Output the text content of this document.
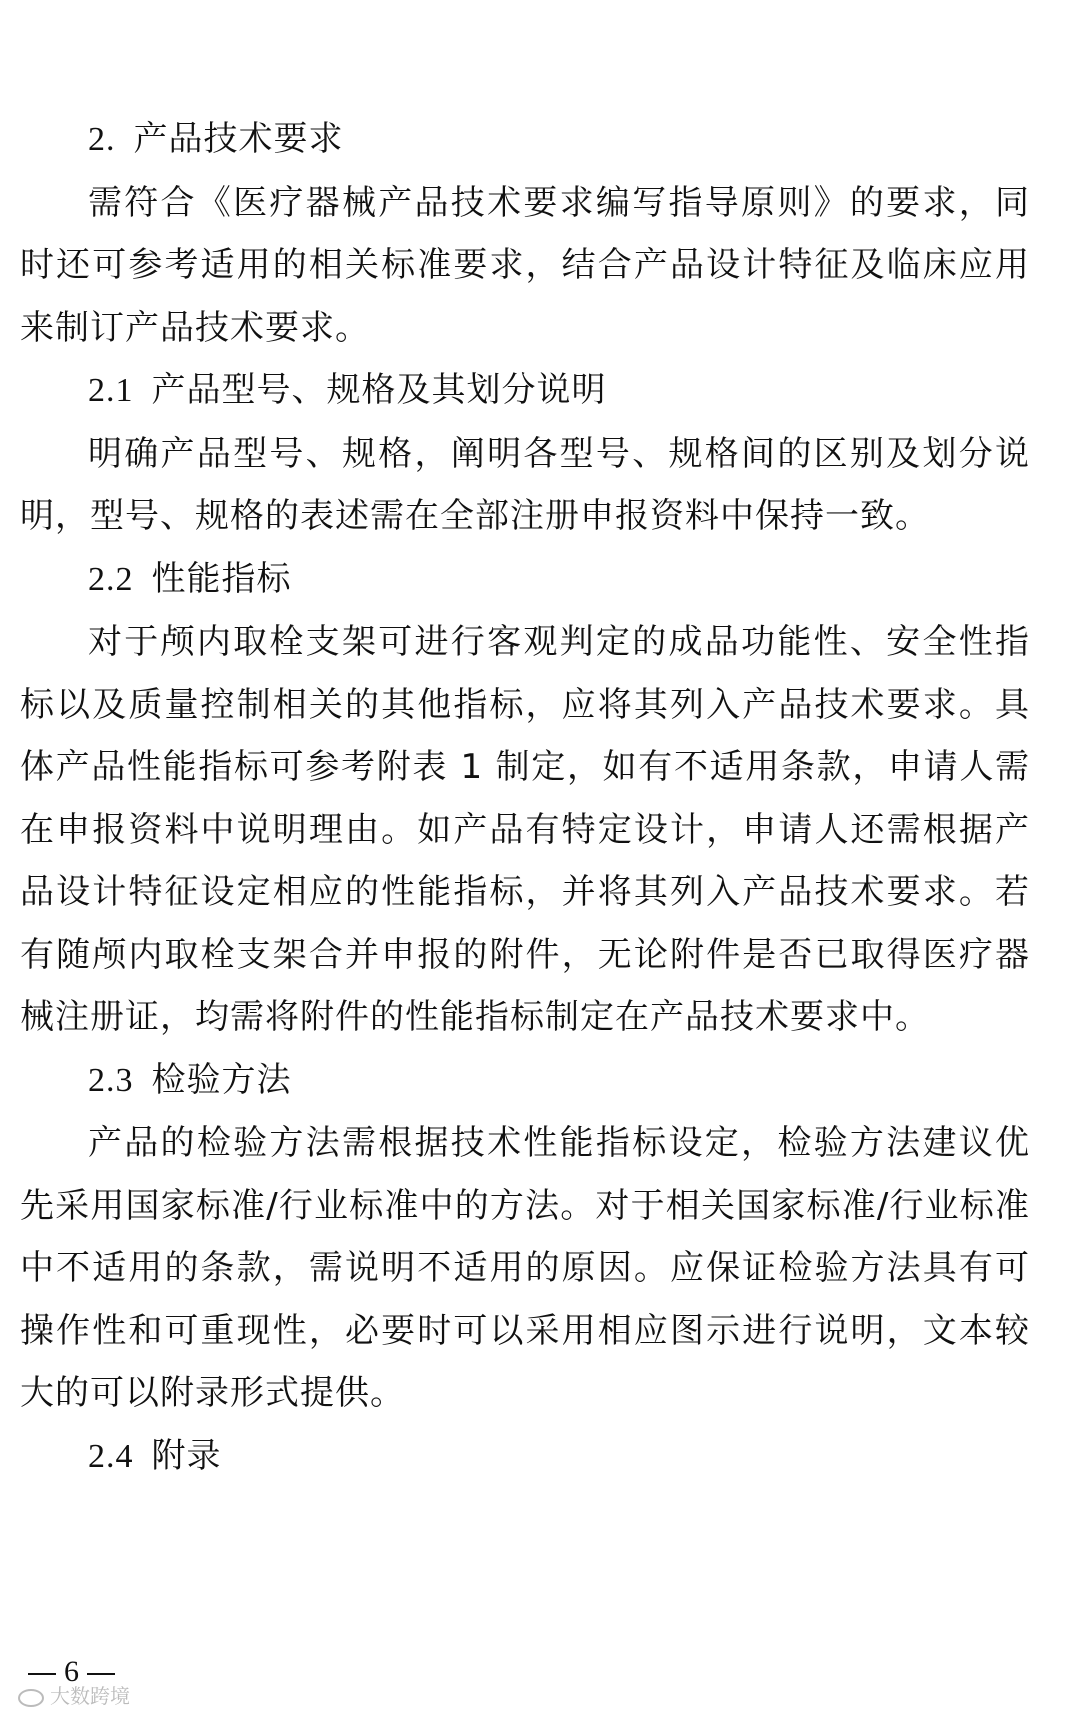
2. 产品技术要求

需符合《医疗器械产品技术要求编写指导原则》的要求，同时还可参考适用的相关标准要求，结合产品设计特征及临床应用来制订产品技术要求。

2.1 产品型号、规格及其划分说明

明确产品型号、规格，阐明各型号、规格间的区别及划分说明，型号、规格的表述需在全部注册申报资料中保持一致。

2.2 性能指标

对于颅内取栓支架可进行客观判定的成品功能性、安全性指标以及质量控制相关的其他指标，应将其列入产品技术要求。具体产品性能指标可参考附表 1 制定，如有不适用条款，申请人需在申报资料中说明理由。如产品有特定设计，申请人还需根据产品设计特征设定相应的性能指标，并将其列入产品技术要求。若有随颅内取栓支架合并申报的附件，无论附件是否已取得医疗器械注册证，均需将附件的性能指标制定在产品技术要求中。

2.3 检验方法

产品的检验方法需根据技术性能指标设定，检验方法建议优先采用国家标准/行业标准中的方法。对于相关国家标准/行业标准中不适用的条款，需说明不适用的原因。应保证检验方法具有可操作性和可重现性，必要时可以采用相应图示进行说明，文本较大的可以附录形式提供。

2.4 附录

6
大数跨境
